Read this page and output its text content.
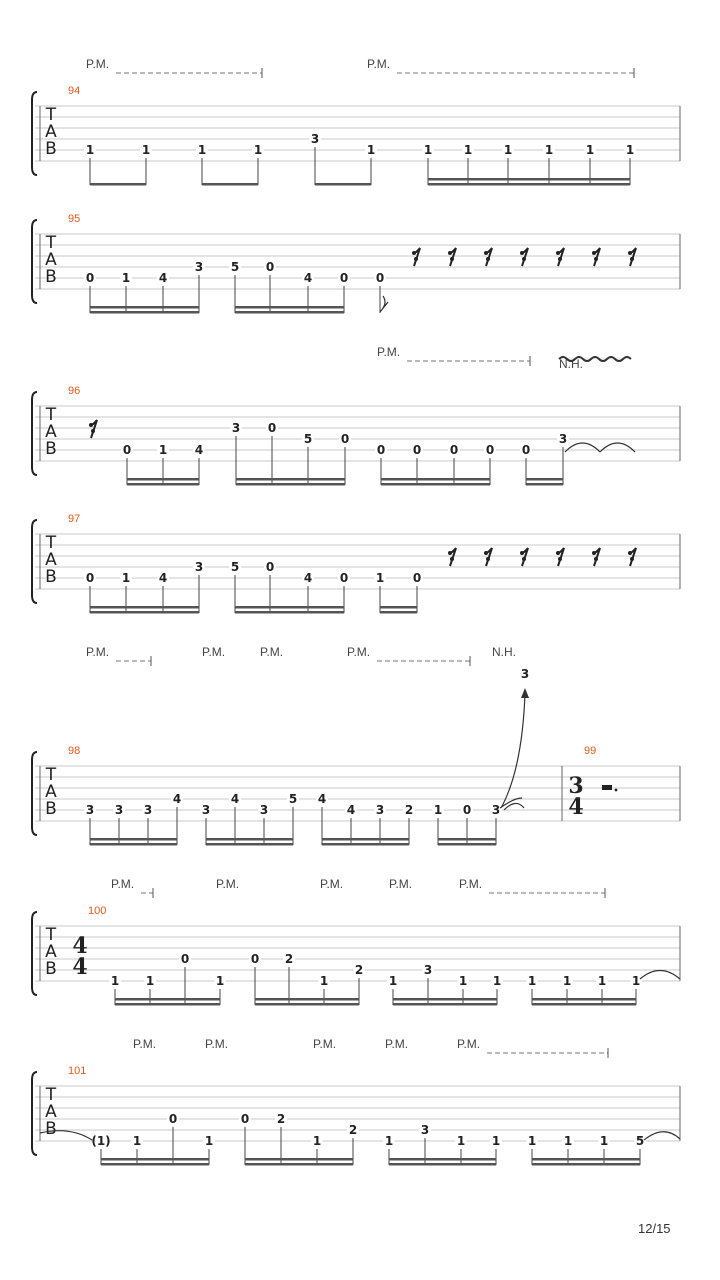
T
A
B
94
1	1	1	1
3
1	1	1	1	1	1	1
T
A
B
95
0 1 4
3 5 0
4 0 0
T
A
B
96
0 1 4
3 0
5 0
0 0 0 0 0
3
T
A
B
97
0 1 4
3 5 0
4 0 1 0
T
A
B
98
3 3 3
4
3
4
3
5 4
4 3 2 1 0 3
99
3
4
T
A
B
100
4
4
1 1
0
1
0 2
1
2
1
3
1 1 1 1 1 1
T
A
B
101
(1) 1
0
1
0 2
1
2
1
3
1 1 1 1 1 5
3
P.M.	P.M.
P.M.
N.H.
P.M.	P.M.	P.M.	P.M.	N.H.
P.M.	P.M.	P.M.	P.M.	P.M.
P.M.	P.M.	P.M.	P.M.	P.M.
12/15
